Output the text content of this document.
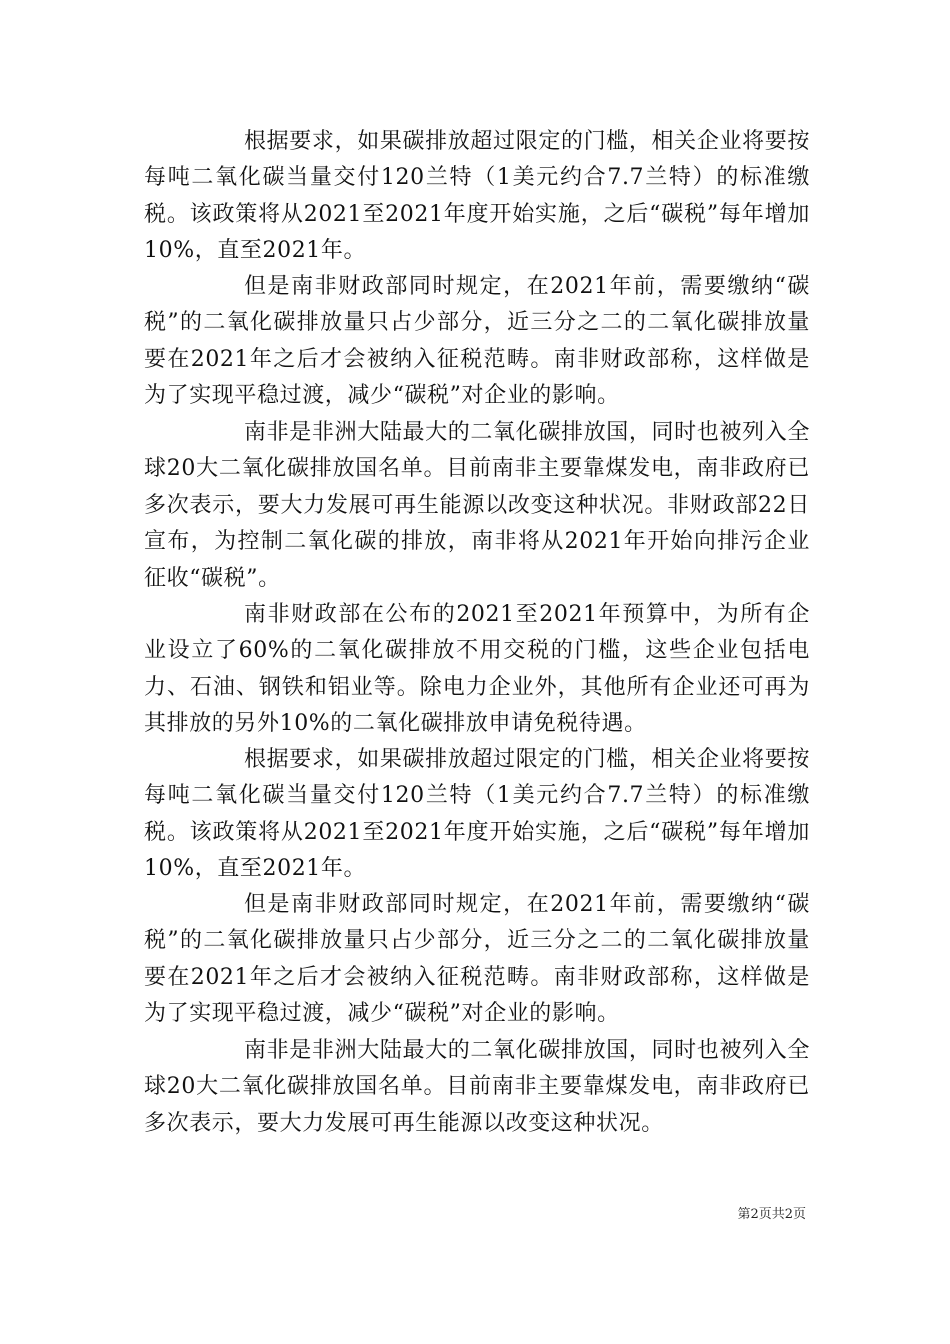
根据要求，如果碳排放超过限定的门槛，相关企业将要按每吨二氧化碳当量交付120兰特（1美元约合7.7兰特）的标准缴税。该政策将从2021至2021年度开始实施，之后“碳税”每年增加10%，直至2021年。

但是南非财政部同时规定，在2021年前，需要缴纳“碳税”的二氧化碳排放量只占少部分，近三分之二的二氧化碳排放量要在2021年之后才会被纳入征税范畴。南非财政部称，这样做是为了实现平稳过渡，减少“碳税”对企业的影响。

南非是非洲大陆最大的二氧化碳排放国，同时也被列入全球20大二氧化碳排放国名单。目前南非主要靠煤发电，南非政府已多次表示，要大力发展可再生能源以改变这种状况。非财政部22日宣布，为控制二氧化碳的排放，南非将从2021年开始向排污企业征收“碳税”。

南非财政部在公布的2021至2021年预算中，为所有企业设立了60%的二氧化碳排放不用交税的门槛，这些企业包括电力、石油、钢铁和铝业等。除电力企业外，其他所有企业还可再为其排放的另外10%的二氧化碳排放申请免税待遇。

根据要求，如果碳排放超过限定的门槛，相关企业将要按每吨二氧化碳当量交付120兰特（1美元约合7.7兰特）的标准缴税。该政策将从2021至2021年度开始实施，之后“碳税”每年增加10%，直至2021年。

但是南非财政部同时规定，在2021年前，需要缴纳“碳税”的二氧化碳排放量只占少部分，近三分之二的二氧化碳排放量要在2021年之后才会被纳入征税范畴。南非财政部称，这样做是为了实现平稳过渡，减少“碳税”对企业的影响。

南非是非洲大陆最大的二氧化碳排放国，同时也被列入全球20大二氧化碳排放国名单。目前南非主要靠煤发电，南非政府已多次表示，要大力发展可再生能源以改变这种状况。

第2页共2页
